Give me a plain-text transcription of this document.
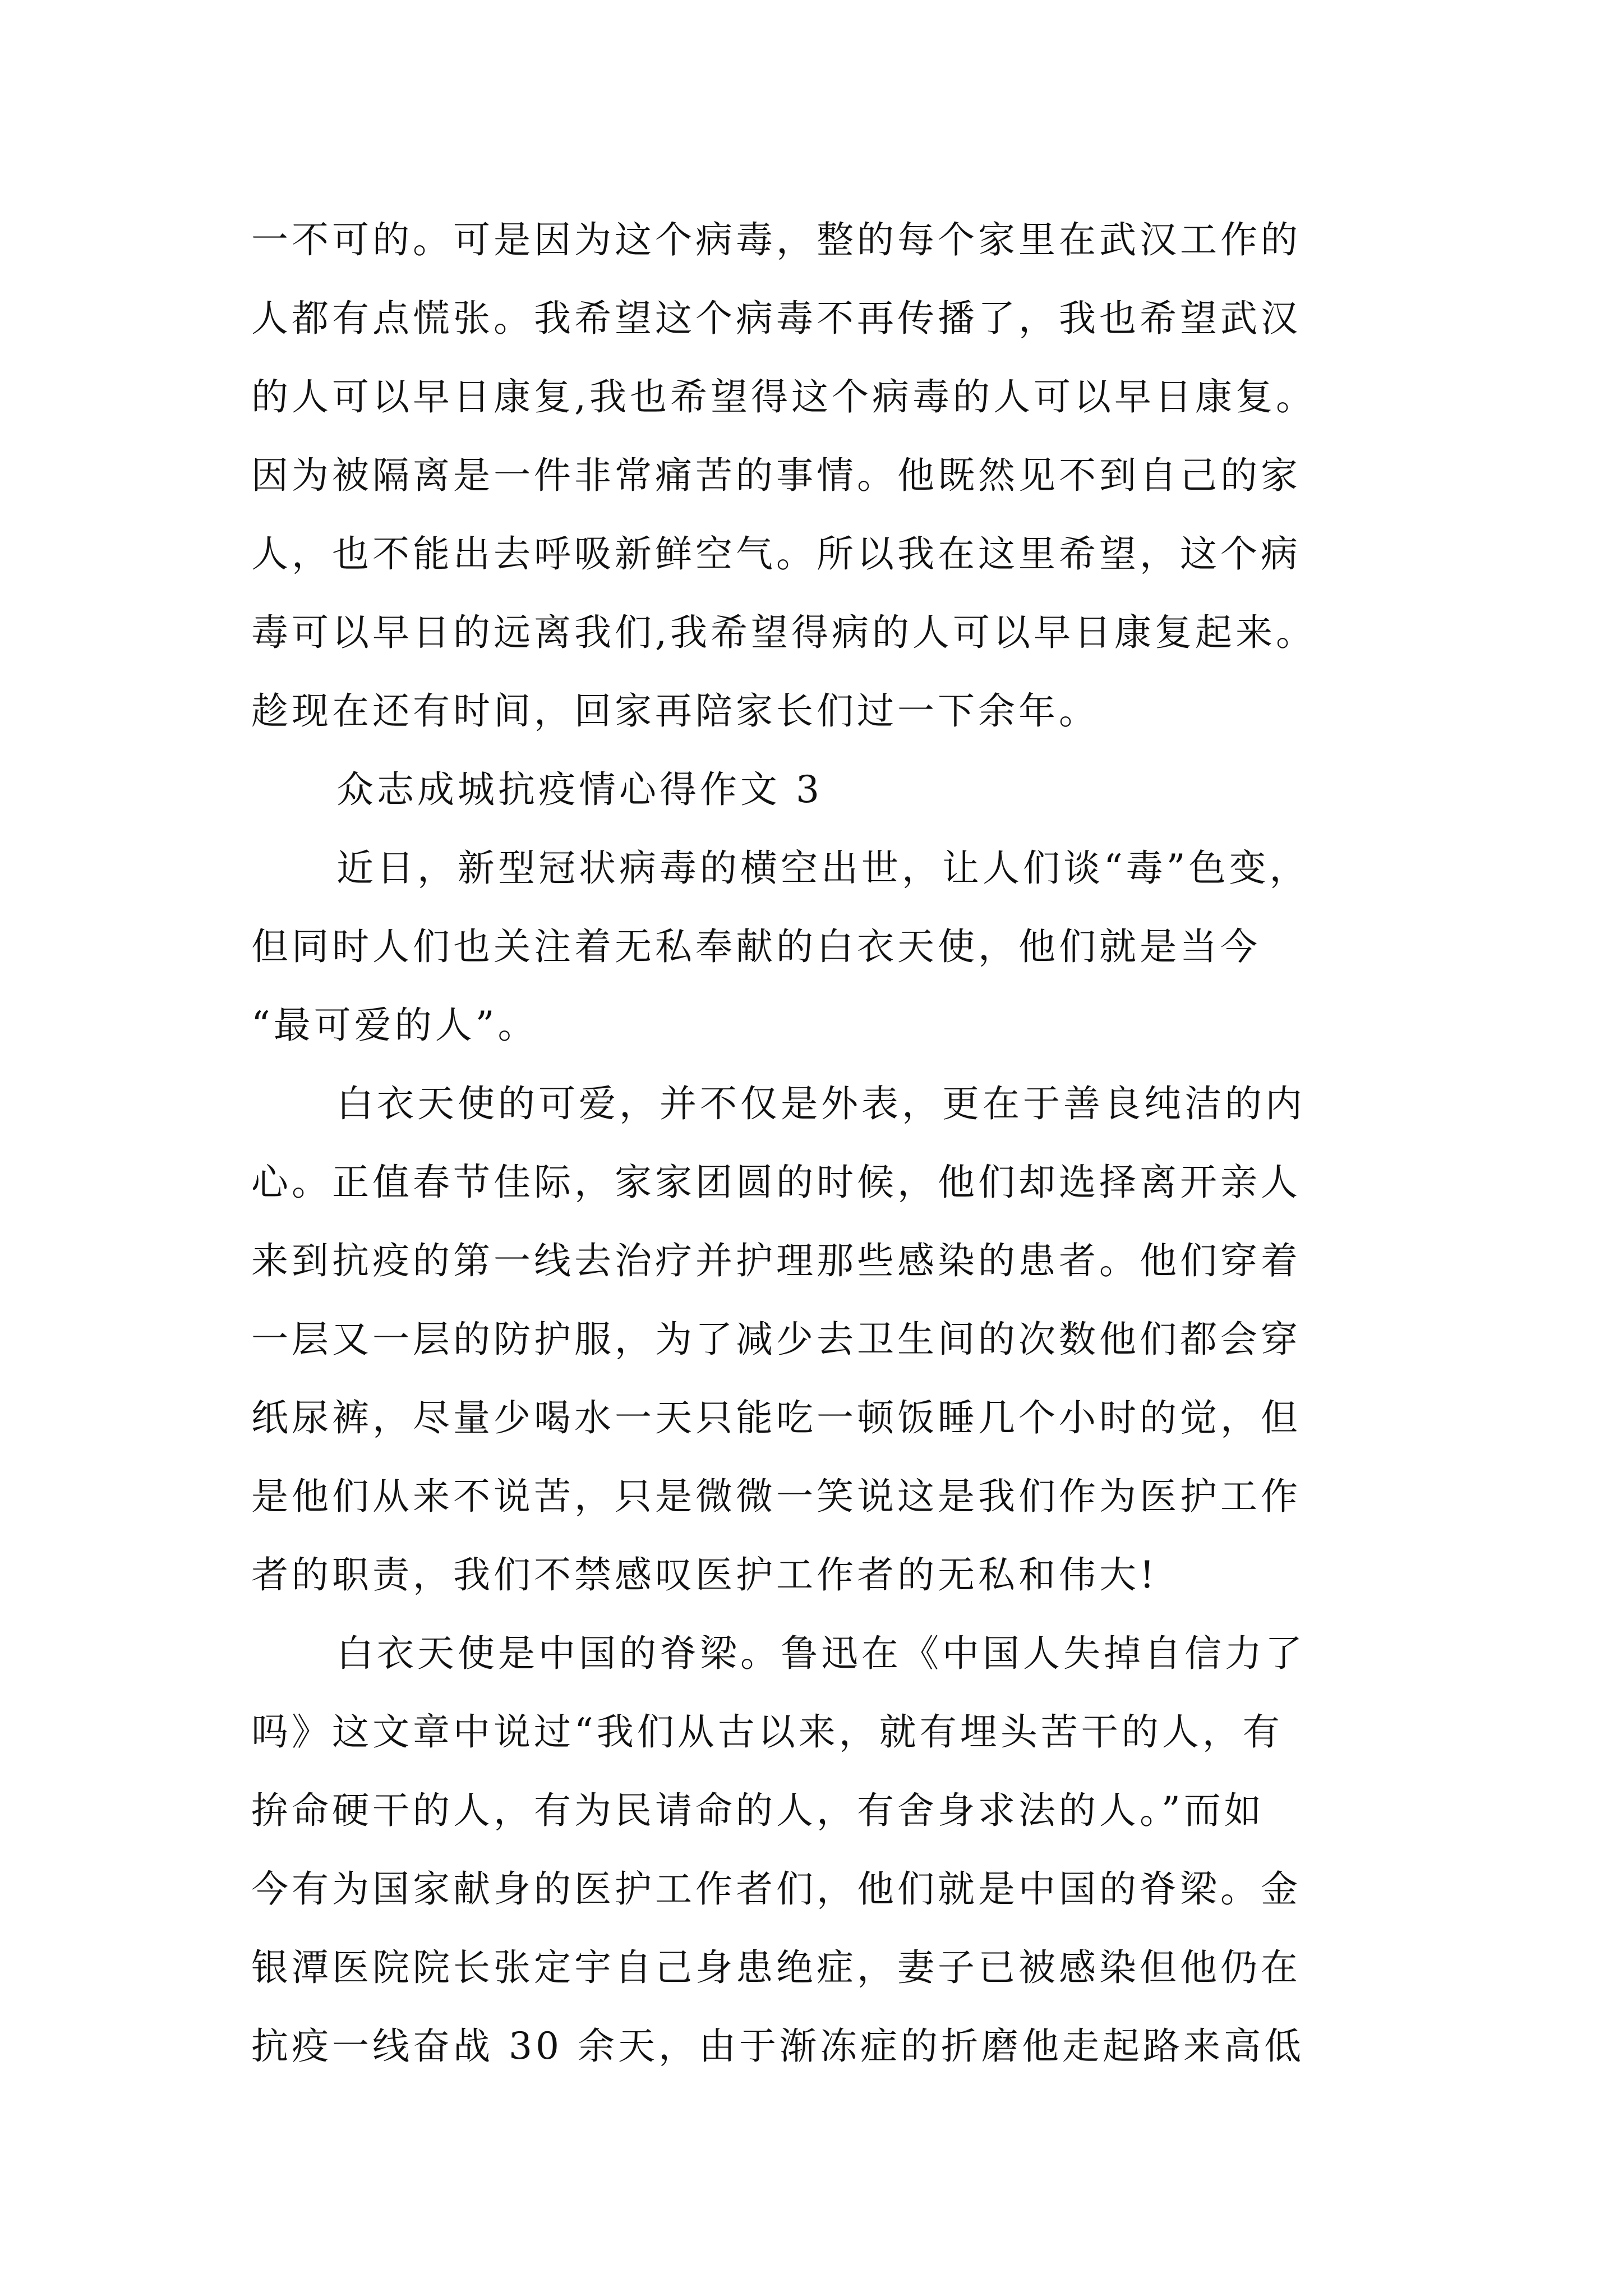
一不可的。可是因为这个病毒，整的每个家里在武汉工作的
人都有点慌张。我希望这个病毒不再传播了，我也希望武汉
的人可以早日康复,我也希望得这个病毒的人可以早日康复。
因为被隔离是一件非常痛苦的事情。他既然见不到自己的家
人，也不能出去呼吸新鲜空气。所以我在这里希望，这个病
毒可以早日的远离我们,我希望得病的人可以早日康复起来。
趁现在还有时间，回家再陪家长们过一下余年。
众志成城抗疫情心得作文 3
近日，新型冠状病毒的横空出世，让人们谈“毒”色变，
但同时人们也关注着无私奉献的白衣天使，他们就是当今
“最可爱的人”。
白衣天使的可爱，并不仅是外表，更在于善良纯洁的内
心。正值春节佳际，家家团圆的时候，他们却选择离开亲人
来到抗疫的第一线去治疗并护理那些感染的患者。他们穿着
一层又一层的防护服，为了减少去卫生间的次数他们都会穿
纸尿裤，尽量少喝水一天只能吃一顿饭睡几个小时的觉，但
是他们从来不说苦，只是微微一笑说这是我们作为医护工作
者的职责，我们不禁感叹医护工作者的无私和伟大!
白衣天使是中国的脊梁。鲁迅在《中国人失掉自信力了
吗》这文章中说过“我们从古以来，就有埋头苦干的人，有
拚命硬干的人，有为民请命的人，有舍身求法的人。”而如
今有为国家献身的医护工作者们，他们就是中国的脊梁。金
银潭医院院长张定宇自己身患绝症，妻子已被感染但他仍在
抗疫一线奋战 30 余天，由于渐冻症的折磨他走起路来高低
